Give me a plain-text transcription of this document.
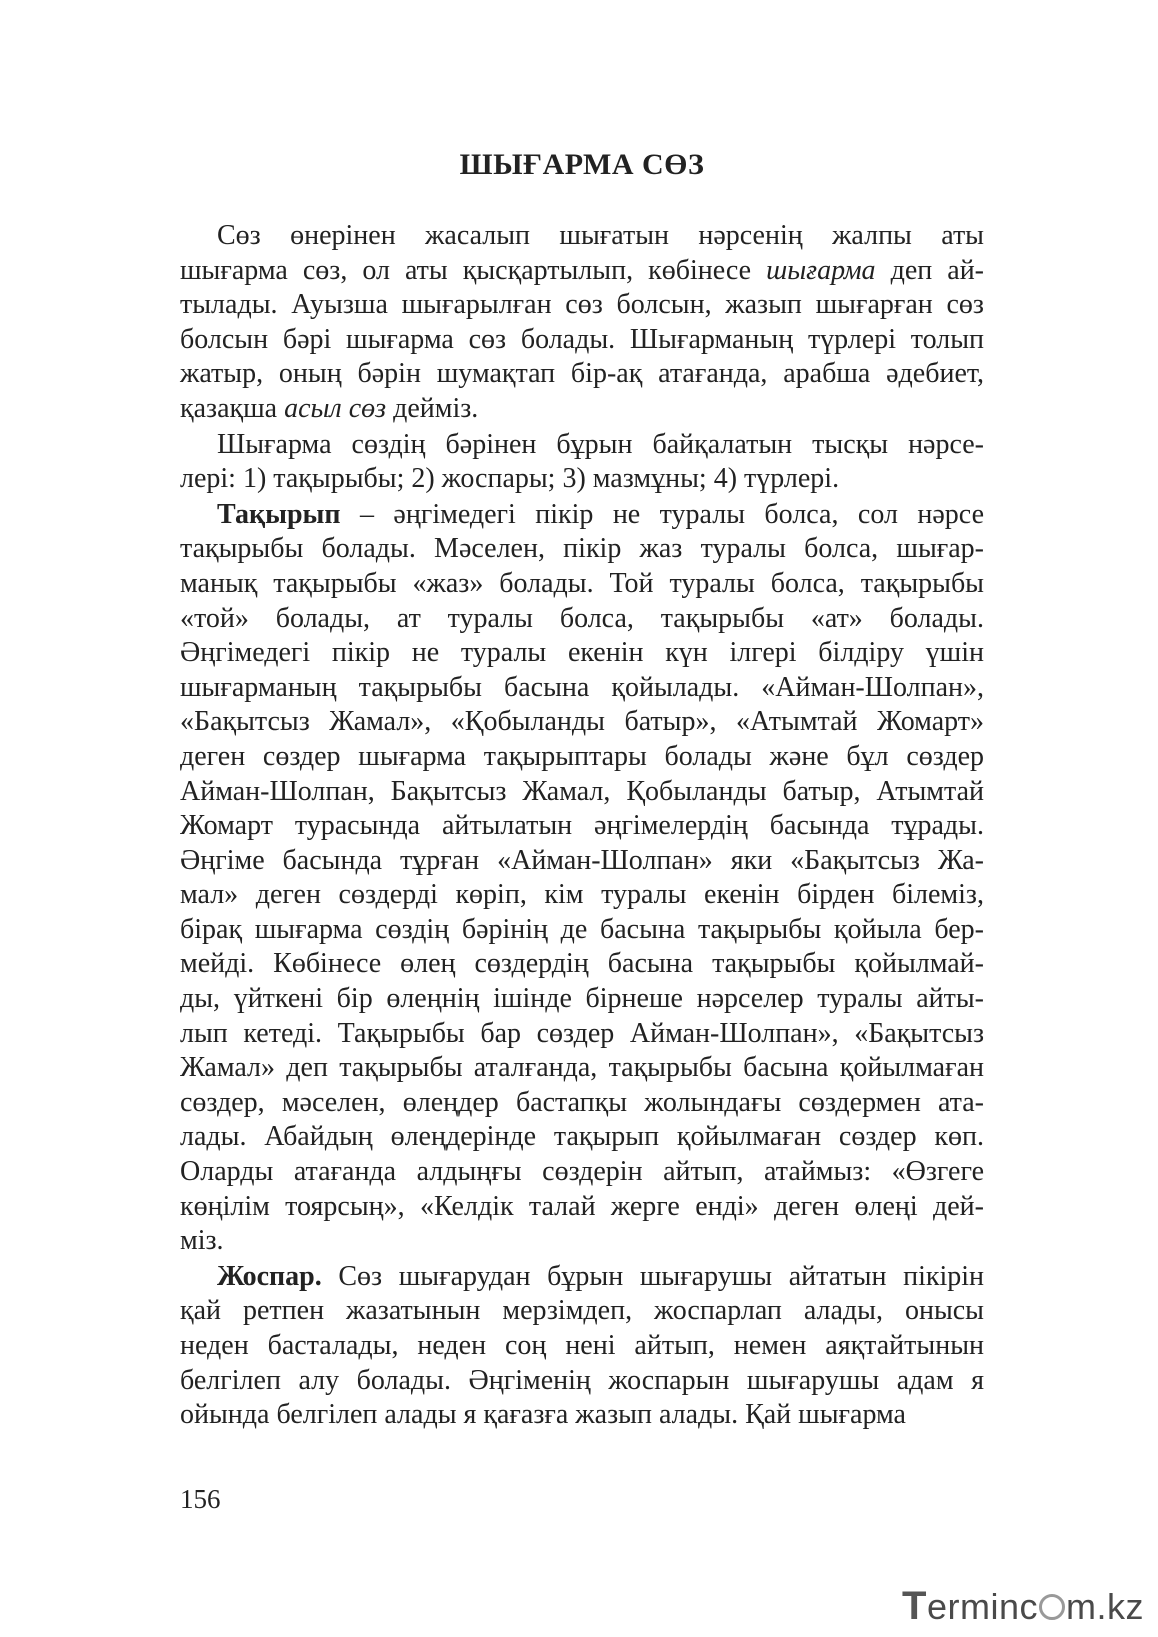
ШЫҒАРМА СӨЗ
Сөз өнерінен жасалып шығатын нәрсенің жалпы аты
шығарма сөз, ол аты қысқартылып, көбінесе шығарма деп ай-
тылады. Ауызша шығарылған сөз болсын, жазып шығарған сөз
болсын бәрі шығарма сөз болады. Шығарманың түрлері толып
жатыр, оның бәрін шумақтап бір-ақ атағанда, арабша әдебиет,
қазақша асыл сөз дейміз.
Шығарма сөздің бәрінен бұрын байқалатын тысқы нәрсе-
лері: 1) тақырыбы; 2) жоспары; 3) мазмұны; 4) түрлері.
Тақырып – әңгімедегі пікір не туралы болса, сол нәрсе
тақырыбы болады. Мәселен, пікір жаз туралы болса, шығар-
манық тақырыбы «жаз» болады. Той туралы болса, тақырыбы
«той» болады, ат туралы болса, тақырыбы «ат» болады.
Әңгімедегі пікір не туралы екенін күн ілгері білдіру үшін
шығарманың тақырыбы басына қойылады. «Айман-Шолпан»,
«Бақытсыз Жамал», «Қобыланды батыр», «Атымтай Жомарт»
деген сөздер шығарма тақырыптары болады және бұл сөздер
Айман-Шолпан, Бақытсыз Жамал, Қобыланды батыр, Атымтай
Жомарт турасында айтылатын әңгімелердің басында тұрады.
Әңгіме басында тұрған «Айман-Шолпан» яки «Бақытсыз Жа-
мал» деген сөздерді көріп, кім туралы екенін бірден білеміз,
бірақ шығарма сөздің бәрінің де басына тақырыбы қойыла бер-
мейді. Көбінесе өлең сөздердің басына тақырыбы қойылмай-
ды, үйткені бір өлеңнің ішінде бірнеше нәрселер туралы айты-
лып кетеді. Тақырыбы бар сөздер Айман-Шолпан», «Бақытсыз
Жамал» деп тақырыбы аталғанда, тақырыбы басына қойылмаған
сөздер, мәселен, өлеңдер бастапқы жолындағы сөздермен ата-
лады. Абайдың өлеңдерінде тақырып қойылмаған сөздер көп.
Оларды атағанда алдыңғы сөздерін айтып, атаймыз: «Өзгеге
көңілім тоярсың», «Келдік талай жерге енді» деген өлеңі дей-
міз.
Жоспар. Сөз шығарудан бұрын шығарушы айтатын пікірін
қай ретпен жазатынын мерзімдеп, жоспарлап алады, онысы
неден басталады, неден соң нені айтып, немен аяқтайтынын
белгілеп алу болады. Әңгіменің жоспарын шығарушы адам я
ойында белгілеп алады я қағазға жазып алады. Қай шығарма

156

Terminc m.kz
